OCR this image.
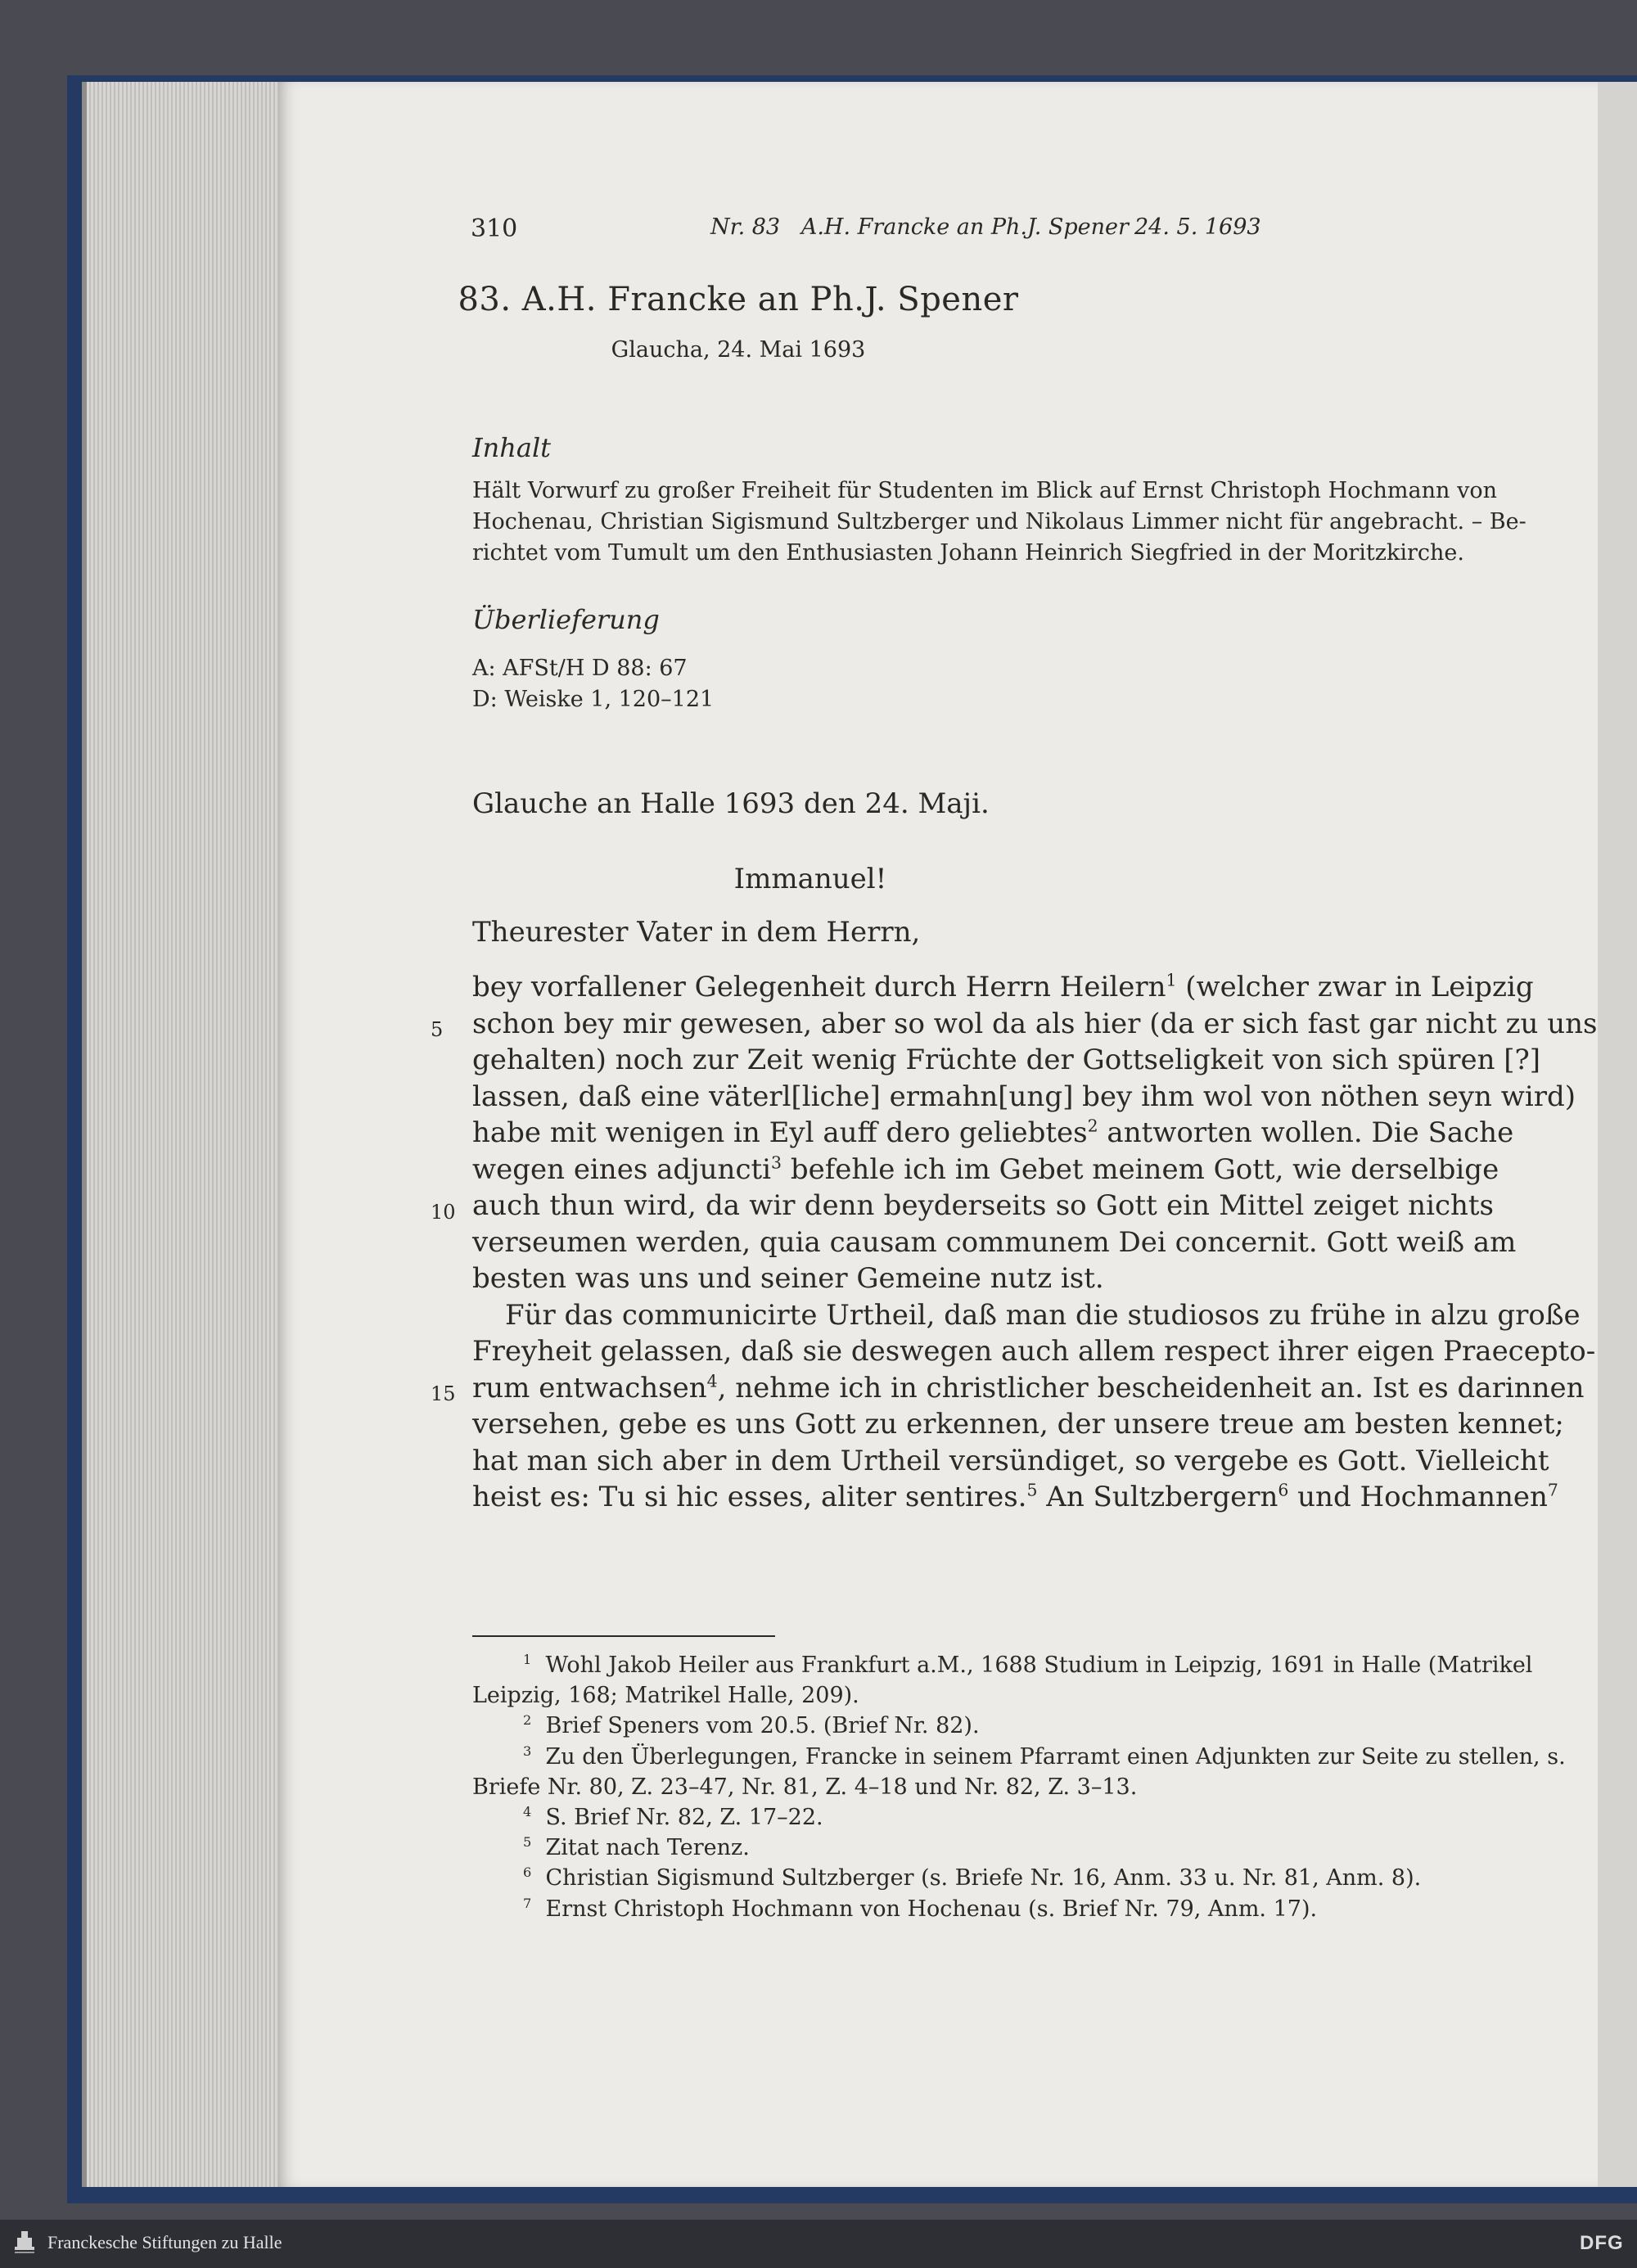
310	Nr. 83   A.H. Francke an Ph.J. Spener 24. 5. 1693
83. A.H. Francke an Ph.J. Spener
Glaucha, 24. Mai 1693
Inhalt
Hält Vorwurf zu großer Freiheit für Studenten im Blick auf Ernst Christoph Hochmann von
Hochenau, Christian Sigismund Sultzberger und Nikolaus Limmer nicht für angebracht. – Be-
richtet vom Tumult um den Enthusiasten Johann Heinrich Siegfried in der Moritzkirche.
Überlieferung
A: AFSt/H D 88: 67
D: Weiske 1, 120–121
Glauche an Halle 1693 den 24. Maji.
Immanuel!
Theurester Vater in dem Herrn,
bey vorfallener Gelegenheit durch Herrn Heilern$^1$ (welcher zwar in Leipzig
schon bey mir gewesen, aber so wol da als hier (da er sich fast gar nicht zu uns
gehalten) noch zur Zeit wenig Früchte der Gottseligkeit von sich spüren [?]
lassen, daß eine väterl[liche] ermahn[ung] bey ihm wol von nöthen seyn wird)
habe mit wenigen in Eyl auff dero geliebtes$^2$ antworten wollen. Die Sache
wegen eines adjuncti$^3$ befehle ich im Gebet meinem Gott, wie derselbige
auch thun wird, da wir denn beyderseits so Gott ein Mittel zeiget nichts
verseumen werden, quia causam communem Dei concernit. Gott weiß am
besten was uns und seiner Gemeine nutz ist.
Für das communicirte Urtheil, daß man die studiosos zu frühe in alzu große
Freyheit gelassen, daß sie deswegen auch allem respect ihrer eigen Praecepto-
rum entwachsen$^4$, nehme ich in christlicher bescheidenheit an. Ist es darinnen
versehen, gebe es uns Gott zu erkennen, der unsere treue am besten kennet;
hat man sich aber in dem Urtheil versündiget, so vergebe es Gott. Vielleicht
heist es: Tu si hic esses, aliter sentires.$^5$ An Sultzbergern$^6$ und Hochmannen$^7$
5
10
15
$^1$ Wohl Jakob Heiler aus Frankfurt a.M., 1688 Studium in Leipzig, 1691 in Halle (Matrikel
Leipzig, 168; Matrikel Halle, 209).
$^2$ Brief Speners vom 20.5. (Brief Nr. 82).
$^3$ Zu den Überlegungen, Francke in seinem Pfarramt einen Adjunkten zur Seite zu stellen, s.
Briefe Nr. 80, Z. 23–47, Nr. 81, Z. 4–18 und Nr. 82, Z. 3–13.
$^4$ S. Brief Nr. 82, Z. 17–22.
$^5$ Zitat nach Terenz.
$^6$ Christian Sigismund Sultzberger (s. Briefe Nr. 16, Anm. 33 u. Nr. 81, Anm. 8).
$^7$ Ernst Christoph Hochmann von Hochenau (s. Brief Nr. 79, Anm. 17).
Franckesche Stiftungen zu Halle	DFG
